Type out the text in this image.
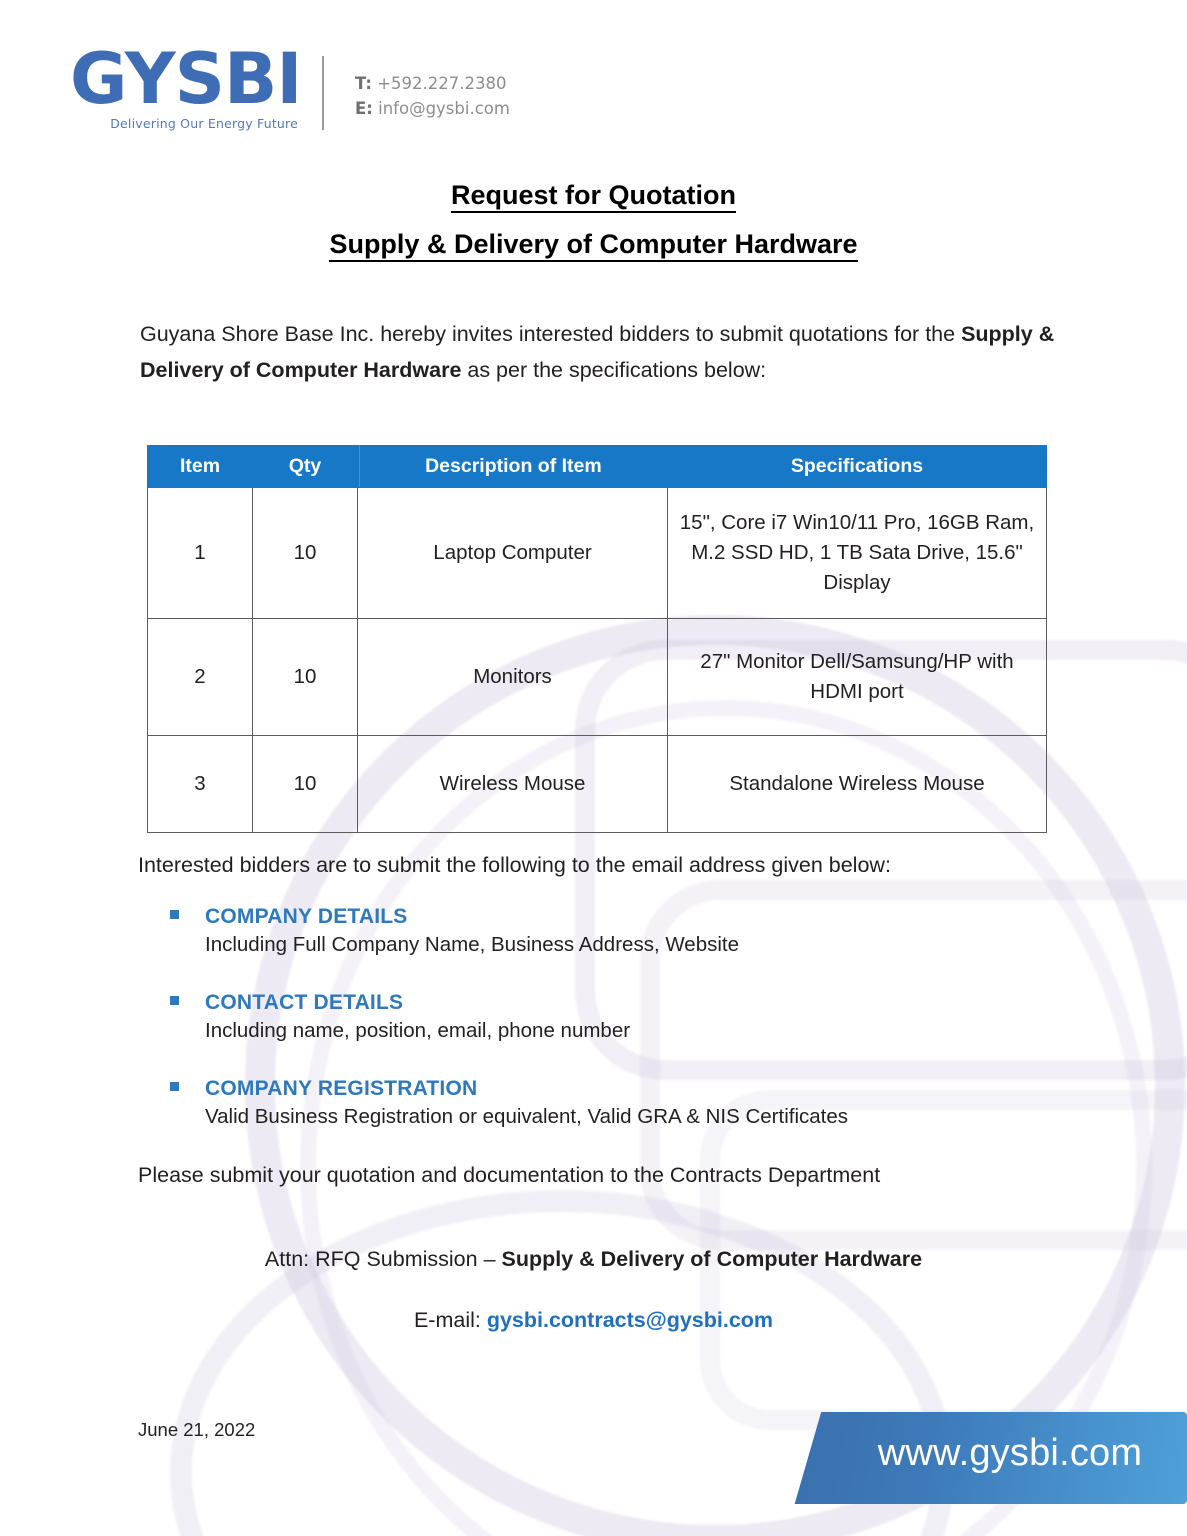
GYSBI
Delivering Our Energy Future
T: +592.227.2380
E: info@gysbi.com
Request for Quotation
Supply & Delivery of Computer Hardware
Guyana Shore Base Inc. hereby invites interested bidders to submit quotations for the Supply & Delivery of Computer Hardware as per the specifications below:
Item	Qty		Description of Item	Specifications
1	10	Laptop Computer		15", Core i7 Win10/11 Pro, 16GB Ram, M.2 SSD HD, 1 TB Sata Drive, 15.6" Display
2	10	Monitors		27" Monitor Dell/Samsung/HP with HDMI port
3	10	Wireless Mouse		Standalone Wireless Mouse
Interested bidders are to submit the following to the email address given below:
COMPANY DETAILS
Including Full Company Name, Business Address, Website
CONTACT DETAILS
Including name, position, email, phone number
COMPANY REGISTRATION
Valid Business Registration or equivalent, Valid GRA & NIS Certificates
Please submit your quotation and documentation to the Contracts Department
Attn: RFQ Submission – Supply & Delivery of Computer Hardware
E-mail: gysbi.contracts@gysbi.com
June 21, 2022
www.gysbi.com
